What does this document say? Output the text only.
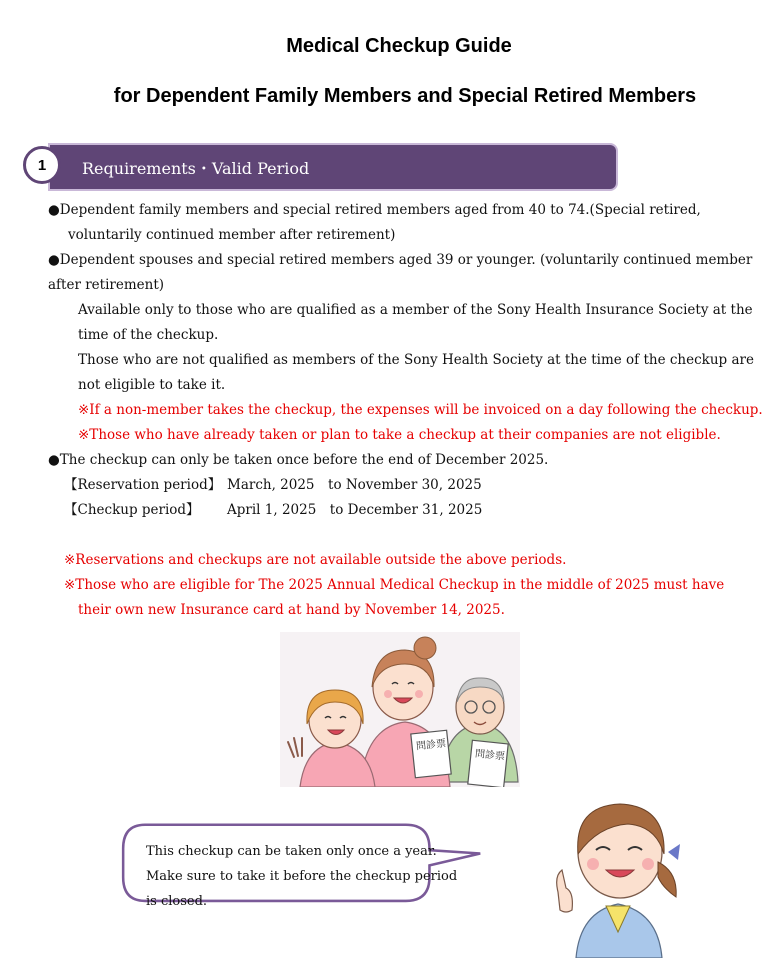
Medical Checkup Guide
for Dependent Family Members and Special Retired Members
1	Requirements・Valid Period
●Dependent family members and special retired members aged from 40 to 74.(Special retired,
voluntarily continued member after retirement)
●Dependent spouses and special retired members aged 39 or younger. (voluntarily continued member
after retirement)
Available only to those who are qualified as a member of the Sony Health Insurance Society at the
time of the checkup.
Those who are not qualified as members of the Sony Health Society at the time of the checkup are
not eligible to take it.
※If a non-member takes the checkup, the expenses will be invoiced on a day following the checkup.
※Those who have already taken or plan to take a checkup at their companies are not eligible.
●The checkup can only be taken once before the end of December 2025.
【Reservation period】 March, 2025　to November 30, 2025
【Checkup period】 April 1, 2025　to December 31, 2025
※Reservations and checkups are not available outside the above periods.
※Those who are eligible for The 2025 Annual Medical Checkup in the middle of 2025 must have
their own new Insurance card at hand by November 14, 2025.
問診票
問診票
This checkup can be taken only once a year.
Make sure to take it before the checkup period
is closed.
